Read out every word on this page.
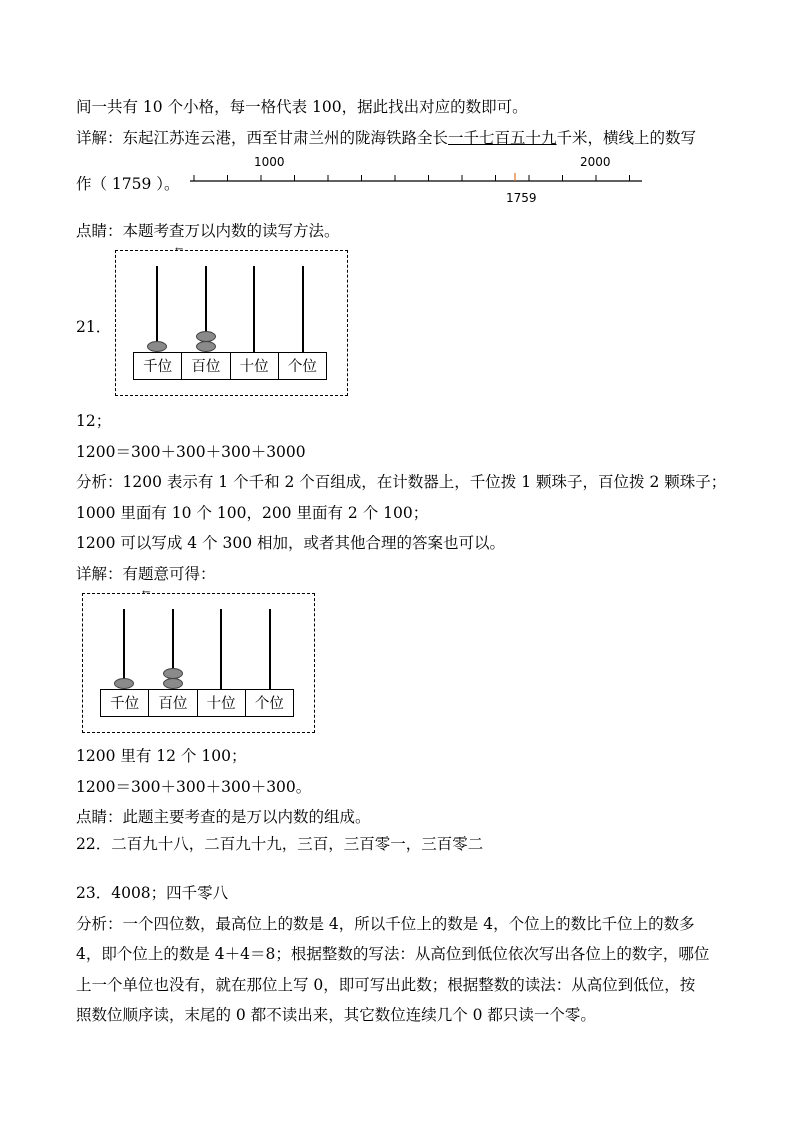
间一共有 10 个小格，每一格代表 100，据此找出对应的数即可。
详解：东起江苏连云港，西至甘肃兰州的陇海铁路全长一千七百五十九千米，横线上的数写
作（ 1759 ）。
1000	2000
1759
点睛：本题考查万以内数的读写方法。
21．
←
千位	百位	十位	个位
12；
1200＝300＋300＋300＋3000
分析：1200 表示有 1 个千和 2 个百组成，在计数器上，千位拨 1 颗珠子，百位拨 2 颗珠子；
1000 里面有 10 个 100，200 里面有 2 个 100；
1200 可以写成 4 个 300 相加，或者其他合理的答案也可以。
详解：有题意可得：
←
千位	百位	十位	个位
1200 里有 12 个 100；
1200＝300＋300＋300＋300。
点睛：此题主要考查的是万以内数的组成。
22．二百九十八，二百九十九，三百，三百零一，三百零二
23．4008；四千零八
分析：一个四位数，最高位上的数是 4，所以千位上的数是 4，个位上的数比千位上的数多
4，即个位上的数是 4＋4＝8；根据整数的写法：从高位到低位依次写出各位上的数字，哪位
上一个单位也没有，就在那位上写 0，即可写出此数；根据整数的读法：从高位到低位，按
照数位顺序读，末尾的 0 都不读出来，其它数位连续几个 0 都只读一个零。
